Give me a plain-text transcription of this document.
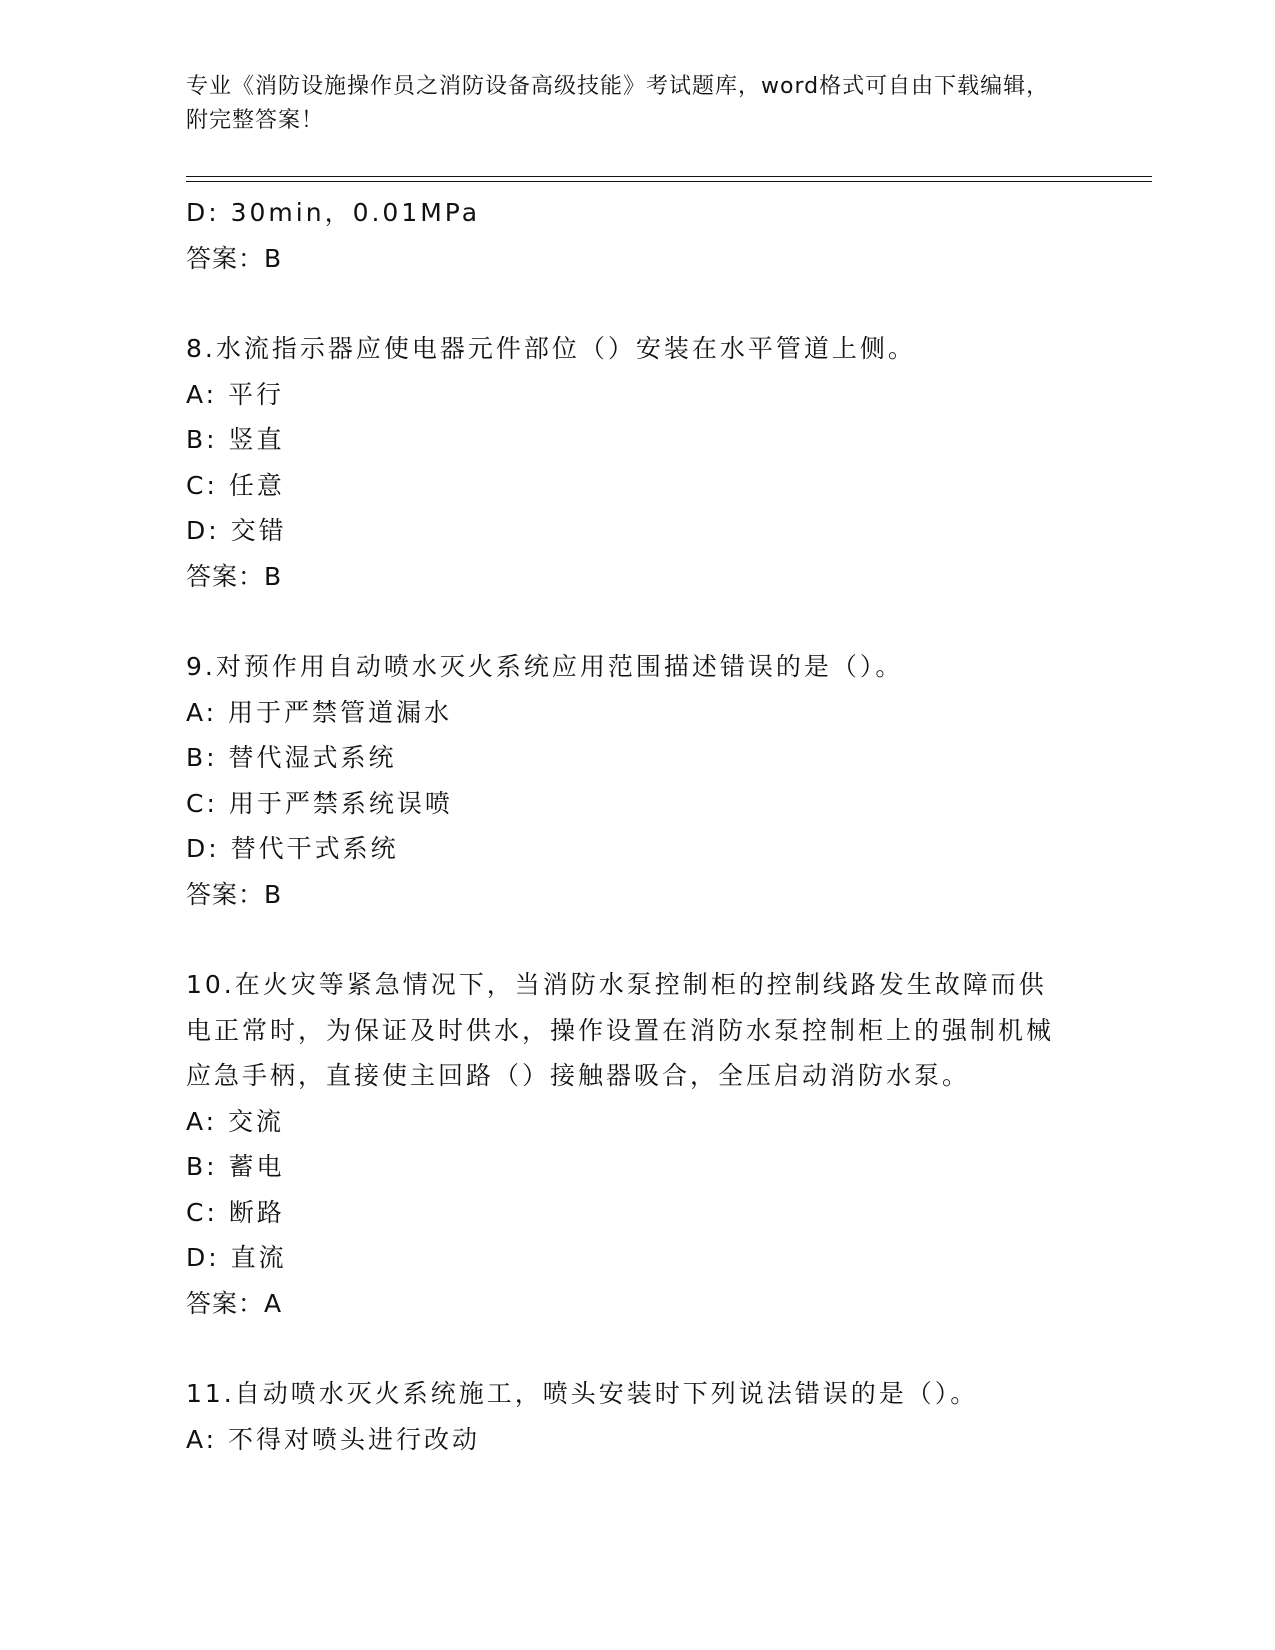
专业《消防设施操作员之消防设备高级技能》考试题库，word格式可自由下载编辑，附完整答案！
D: 30min，0.01MPa
答案：B
8.水流指示器应使电器元件部位（）安装在水平管道上侧。
A: 平行
B: 竖直
C: 任意
D: 交错
答案：B
9.对预作用自动喷水灭火系统应用范围描述错误的是（）。
A: 用于严禁管道漏水
B: 替代湿式系统
C: 用于严禁系统误喷
D: 替代干式系统
答案：B
10.在火灾等紧急情况下，当消防水泵控制柜的控制线路发生故障而供电正常时，为保证及时供水，操作设置在消防水泵控制柜上的强制机械应急手柄，直接使主回路（）接触器吸合，全压启动消防水泵。
A: 交流
B: 蓄电
C: 断路
D: 直流
答案：A
11.自动喷水灭火系统施工，喷头安装时下列说法错误的是（）。
A: 不得对喷头进行改动
